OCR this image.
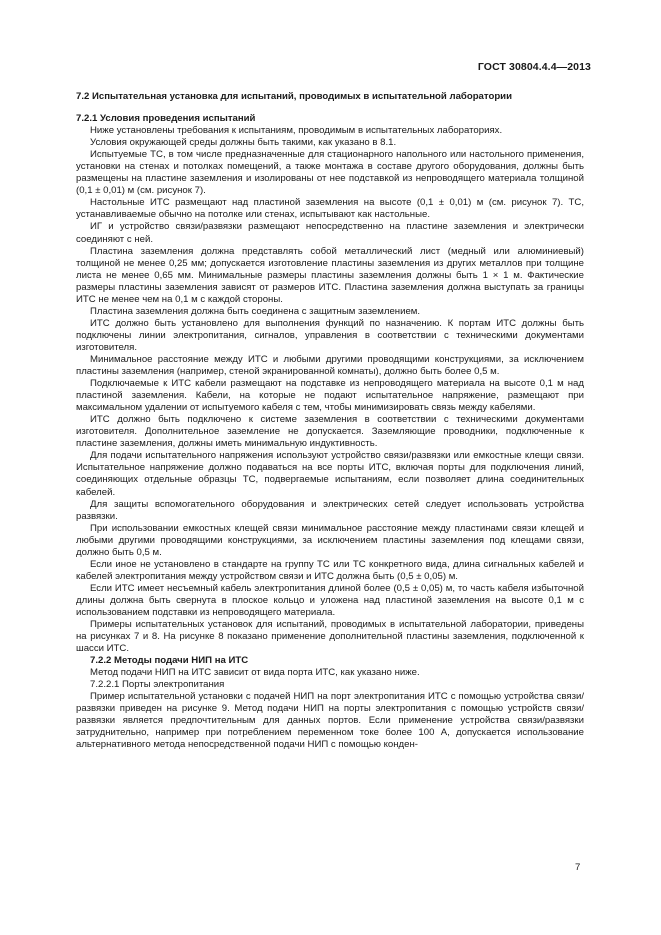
ГОСТ 30804.4.4—2013

7.2 Испытательная установка для испытаний, проводимых в испытательной лаборатории

7.2.1 Условия проведения испытаний

Ниже установлены требования к испытаниям, проводимым в испытательных лабораториях.

Условия окружающей среды должны быть такими, как указано в 8.1.

Испытуемые ТС, в том числе предназначенные для стационарного напольного или настольного применения, установки на стенах и потолках помещений, а также монтажа в составе другого оборудования, должны быть размещены на пластине заземления и изолированы от нее подставкой из непроводящего материала толщиной (0,1 ± 0,01) м (см. рисунок 7).

Настольные ИТС размещают над пластиной заземления на высоте (0,1 ± 0,01) м (см. рисунок 7). ТС, устанавливаемые обычно на потолке или стенах, испытывают как настольные.

ИГ и устройство связи/развязки размещают непосредственно на пластине заземления и электрически соединяют с ней.

Пластина заземления должна представлять собой металлический лист (медный или алюминиевый) толщиной не менее 0,25 мм; допускается изготовление пластины заземления из других металлов при толщине листа не менее 0,65 мм. Минимальные размеры пластины заземления должны быть 1 × 1 м. Фактические размеры пластины заземления зависят от размеров ИТС. Пластина заземления должна выступать за границы ИТС не менее чем на 0,1 м с каждой стороны.

Пластина заземления должна быть соединена с защитным заземлением.

ИТС должно быть установлено для выполнения функций по назначению. К портам ИТС должны быть подключены линии электропитания, сигналов, управления в соответствии с техническими документами изготовителя.

Минимальное расстояние между ИТС и любыми другими проводящими конструкциями, за исключением пластины заземления (например, стеной экранированной комнаты), должно быть более 0,5 м.

Подключаемые к ИТС кабели размещают на подставке из непроводящего материала на высоте 0,1 м над пластиной заземления. Кабели, на которые не подают испытательное напряжение, размещают при максимальном удалении от испытуемого кабеля с тем, чтобы минимизировать связь между кабелями.

ИТС должно быть подключено к системе заземления в соответствии с техническими документами изготовителя. Дополнительное заземление не допускается. Заземляющие проводники, подключенные к пластине заземления, должны иметь минимальную индуктивность.

Для подачи испытательного напряжения используют устройство связи/развязки или емкостные клещи связи. Испытательное напряжение должно подаваться на все порты ИТС, включая порты для подключения линий, соединяющих отдельные образцы ТС, подвергаемые испытаниям, если позволяет длина соединительных кабелей.

Для защиты вспомогательного оборудования и электрических сетей следует использовать устройства развязки.

При использовании емкостных клещей связи минимальное расстояние между пластинами связи клещей и любыми другими проводящими конструкциями, за исключением пластины заземления под клещами связи, должно быть 0,5 м.

Если иное не установлено в стандарте на группу ТС или ТС конкретного вида, длина сигнальных кабелей и кабелей электропитания между устройством связи и ИТС должна быть (0,5 ± 0,05) м.

Если ИТС имеет несъемный кабель электропитания длиной более (0,5 ± 0,05) м, то часть кабеля избыточной длины должна быть свернута в плоское кольцо и уложена над пластиной заземления на высоте 0,1 м с использованием подставки из непроводящего материала.

Примеры испытательных установок для испытаний, проводимых в испытательной лаборатории, приведены на рисунках 7 и 8. На рисунке 8 показано применение дополнительной пластины заземления, подключенной к шасси ИТС.

7.2.2 Методы подачи НИП на ИТС

Метод подачи НИП на ИТС зависит от вида порта ИТС, как указано ниже.

7.2.2.1 Порты электропитания

Пример испытательной установки с подачей НИП на порт электропитания ИТС с помощью устройства связи/развязки приведен на рисунке 9. Метод подачи НИП на порты электропитания с помощью устройств связи/развязки является предпочтительным для данных портов. Если применение устройства связи/развязки затруднительно, например при потреблением переменном токе более 100 А, допускается использование альтернативного метода непосредственной подачи НИП с помощью конден-

7
